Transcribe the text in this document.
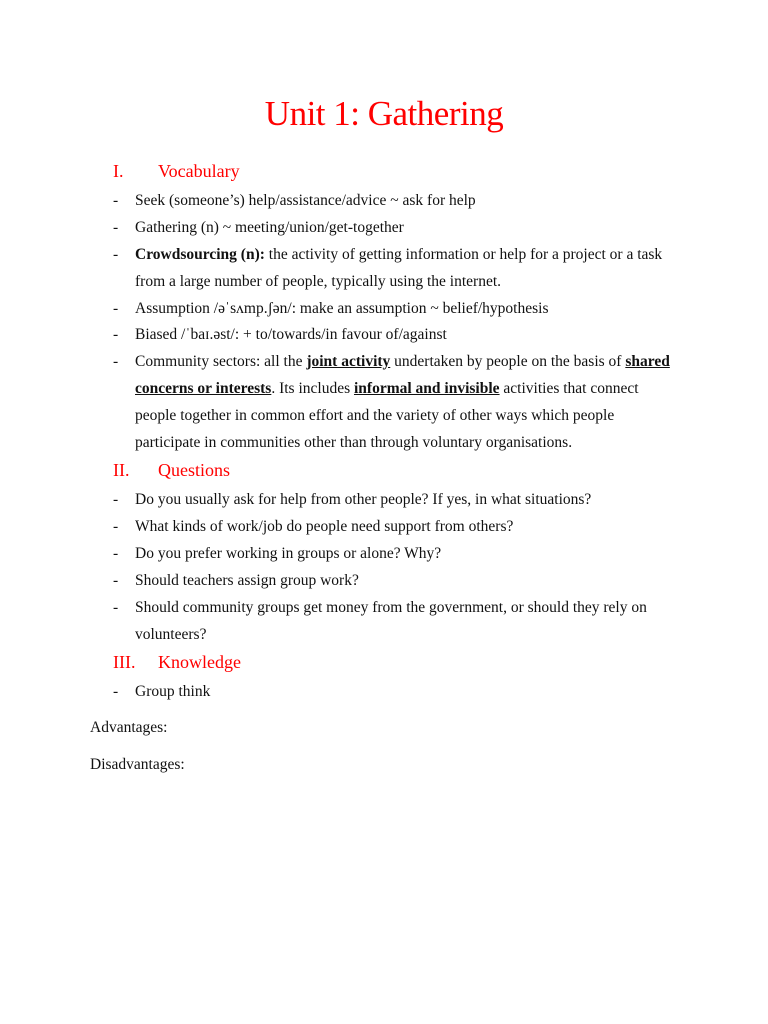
Unit 1: Gathering
I. Vocabulary
- Seek (someone’s) help/assistance/advice ~ ask for help
- Gathering (n) ~ meeting/union/get-together
- Crowdsourcing (n): the activity of getting information or help for a project or a task from a large number of people, typically using the internet.
- Assumption /əˈsʌmp.ʃən/: make an assumption ~ belief/hypothesis
- Biased /ˈbaɪ.əst/: + to/towards/in favour of/against
- Community sectors: all the joint activity undertaken by people on the basis of shared concerns or interests. Its includes informal and invisible activities that connect people together in common effort and the variety of other ways which people participate in communities other than through voluntary organisations.
II. Questions
- Do you usually ask for help from other people? If yes, in what situations?
- What kinds of work/job do people need support from others?
- Do you prefer working in groups or alone? Why?
- Should teachers assign group work?
- Should community groups get money from the government, or should they rely on volunteers?
III. Knowledge
- Group think
Advantages:
Disadvantages:
